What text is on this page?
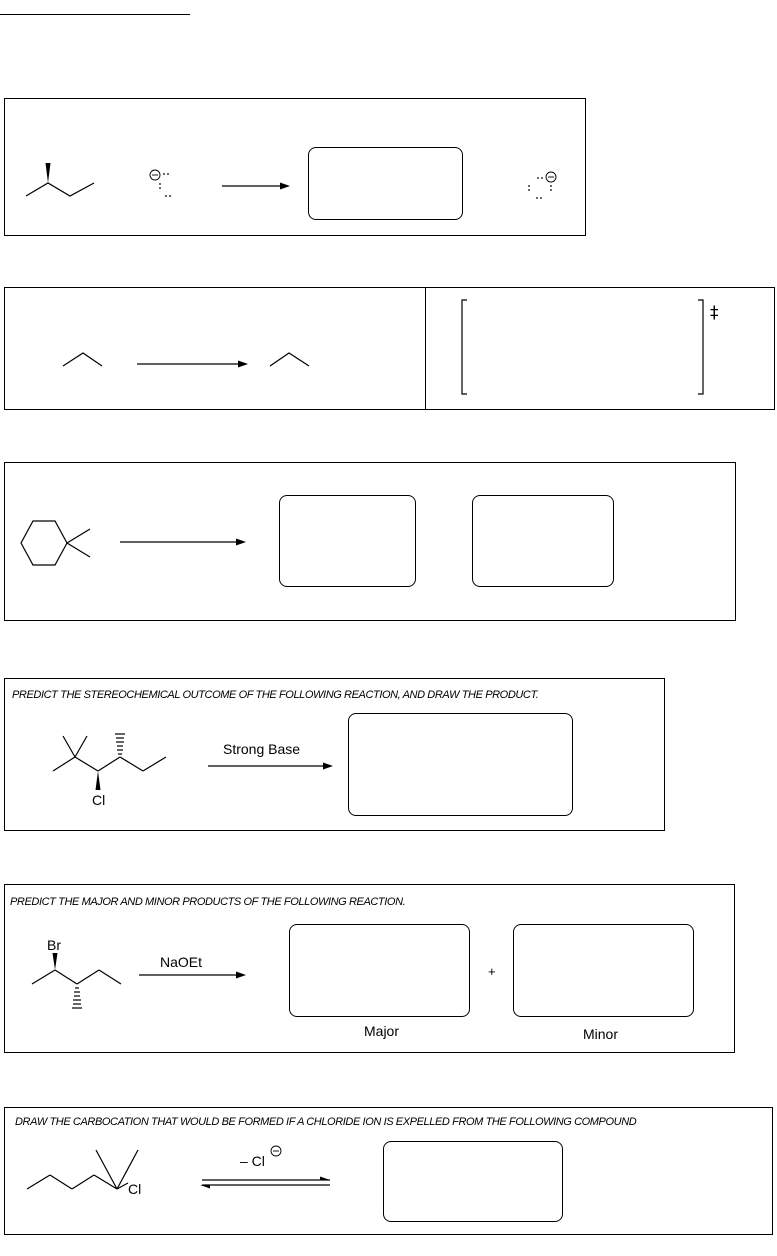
‡
PREDICT THE STEREOCHEMICAL OUTCOME OF THE FOLLOWING REACTION, AND DRAW THE PRODUCT.
Cl
Strong Base
PREDICT THE MAJOR AND MINOR PRODUCTS OF THE FOLLOWING REACTION.
Br
NaOEt
+
Major	Minor
DRAW THE CARBOCATION THAT WOULD BE FORMED IF A CHLORIDE ION IS EXPELLED FROM THE FOLLOWING COMPOUND
Cl
– Cl
